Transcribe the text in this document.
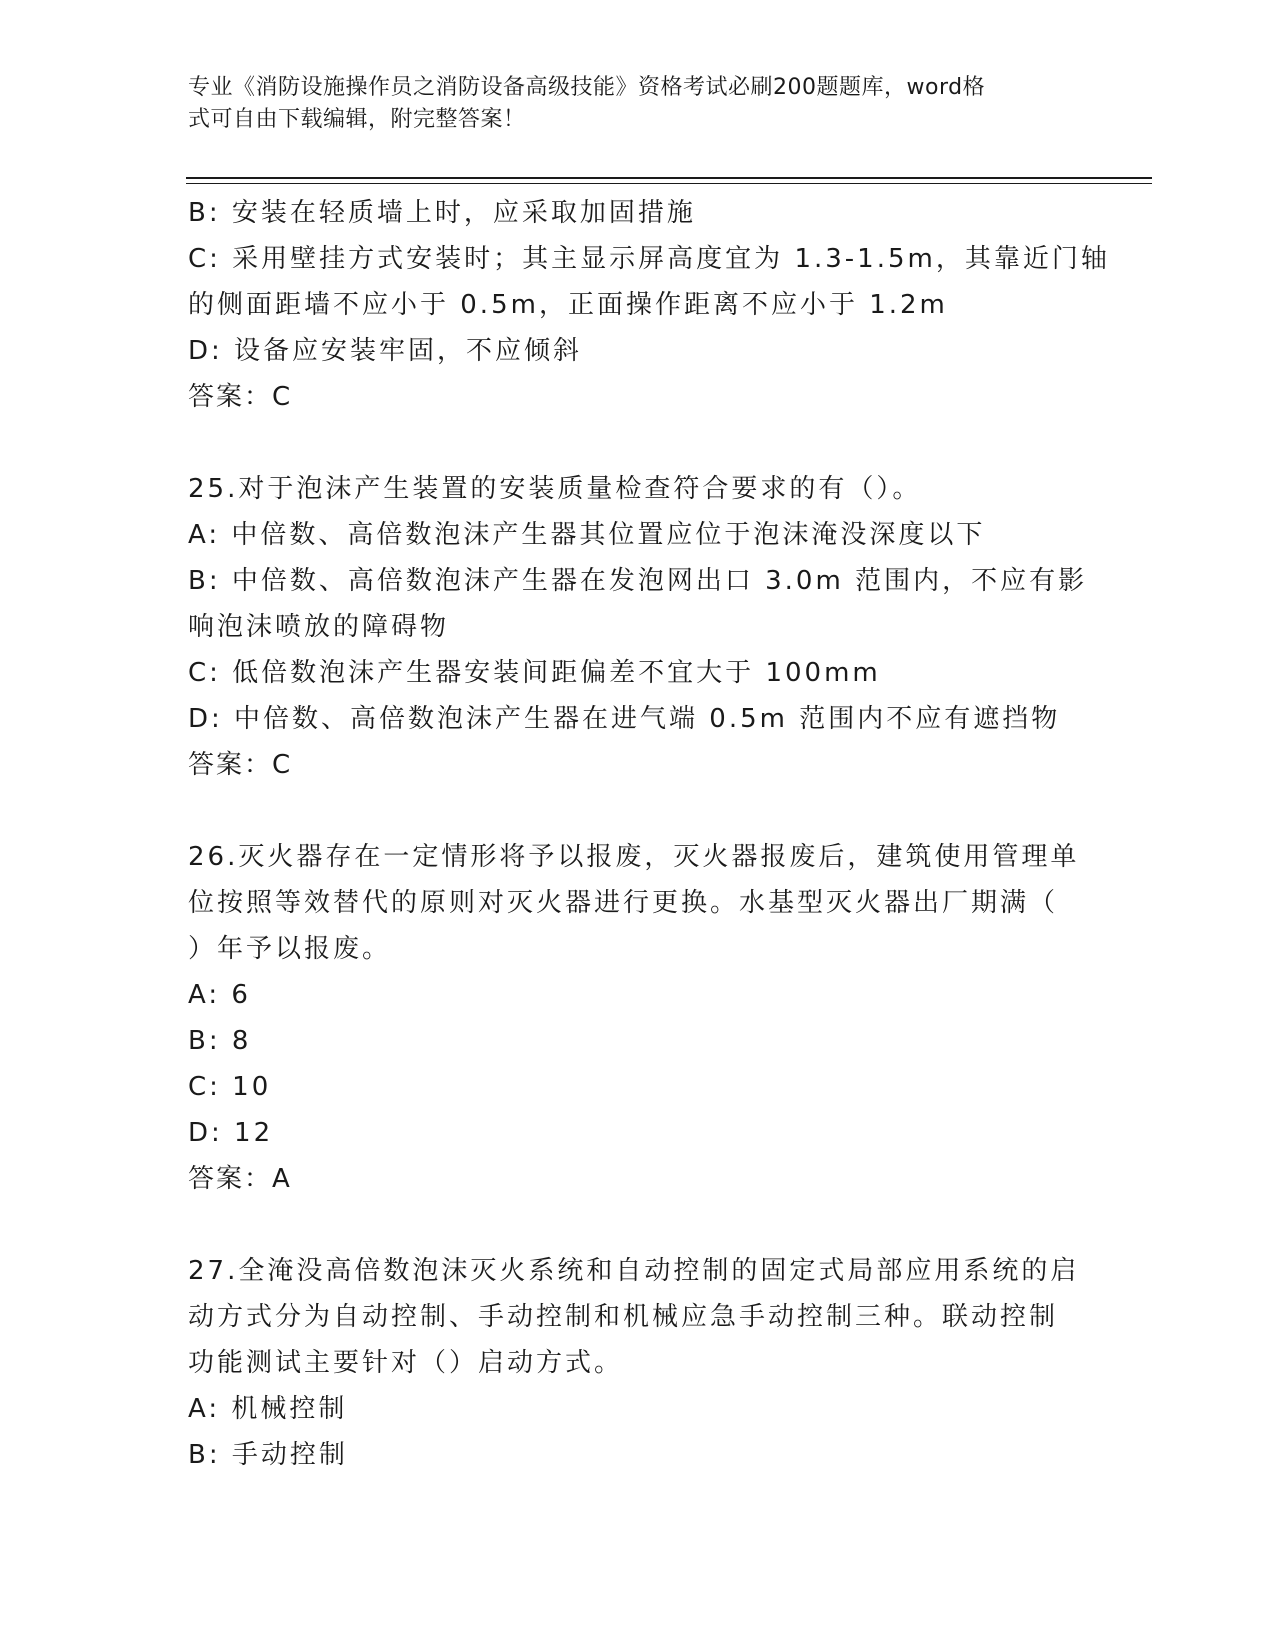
专业《消防设施操作员之消防设备高级技能》资格考试必刷200题题库，word格
式可自由下载编辑，附完整答案！
B: 安装在轻质墙上时，应采取加固措施
C: 采用壁挂方式安装时；其主显示屏高度宜为 1.3-1.5m，其靠近门轴
的侧面距墙不应小于 0.5m，正面操作距离不应小于 1.2m
D: 设备应安装牢固，不应倾斜
答案：C
25.对于泡沫产生装置的安装质量检查符合要求的有（）。
A: 中倍数、高倍数泡沫产生器其位置应位于泡沫淹没深度以下
B: 中倍数、高倍数泡沫产生器在发泡网出口 3.0m 范围内，不应有影
响泡沫喷放的障碍物
C: 低倍数泡沫产生器安装间距偏差不宜大于 100mm
D: 中倍数、高倍数泡沫产生器在进气端 0.5m 范围内不应有遮挡物
答案：C
26.灭火器存在一定情形将予以报废，灭火器报废后，建筑使用管理单
位按照等效替代的原则对灭火器进行更换。水基型灭火器出厂期满（
）年予以报废。
A: 6
B: 8
C: 10
D: 12
答案：A
27.全淹没高倍数泡沫灭火系统和自动控制的固定式局部应用系统的启
动方式分为自动控制、手动控制和机械应急手动控制三种。联动控制
功能测试主要针对（）启动方式。
A: 机械控制
B: 手动控制
